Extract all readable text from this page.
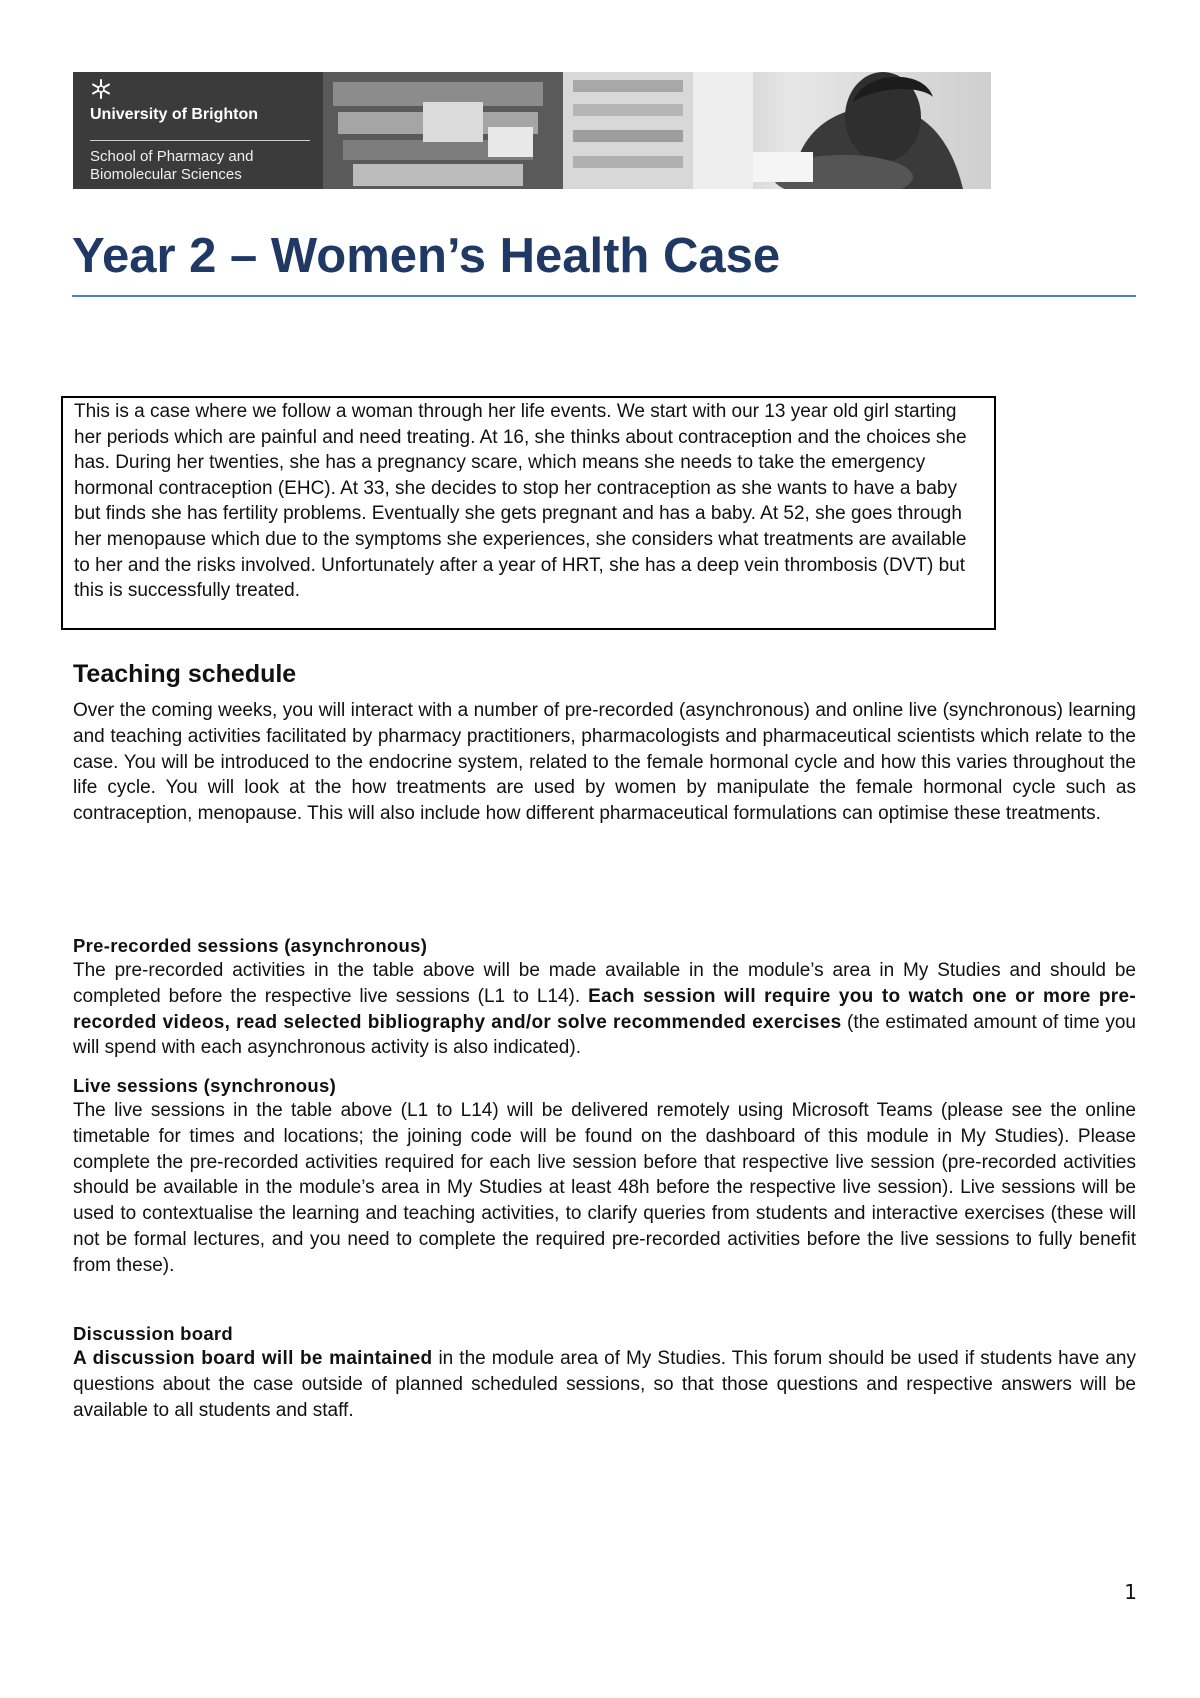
University of Brighton
School of Pharmacy and Biomolecular Sciences
Year 2 – Women’s Health Case
This is a case where we follow a woman through her life events. We start with our 13 year old girl starting her periods which are painful and need treating. At 16, she thinks about contraception and the choices she has. During her twenties, she has a pregnancy scare, which means she needs to take the emergency hormonal contraception (EHC). At 33, she decides to stop her contraception as she wants to have a baby but finds she has fertility problems. Eventually she gets pregnant and has a baby. At 52, she goes through her menopause which due to the symptoms she experiences, she considers what treatments are available to her and the risks involved. Unfortunately after a year of HRT, she has a deep vein thrombosis (DVT) but this is successfully treated.
Teaching schedule

Over the coming weeks, you will interact with a number of pre-recorded (asynchronous) and online live (synchronous) learning and teaching activities facilitated by pharmacy practitioners, pharmacologists and pharmaceutical scientists which relate to the case. You will be introduced to the endocrine system, related to the female hormonal cycle and how this varies throughout the life cycle. You will look at the how treatments are used by women by manipulate the female hormonal cycle such as contraception, menopause. This will also include how different pharmaceutical formulations can optimise these treatments.

Pre-recorded sessions (asynchronous)

The pre-recorded activities in the table above will be made available in the module’s area in My Studies and should be completed before the respective live sessions (L1 to L14). Each session will require you to watch one or more pre-recorded videos, read selected bibliography and/or solve recommended exercises (the estimated amount of time you will spend with each asynchronous activity is also indicated).

Live sessions (synchronous)

The live sessions in the table above (L1 to L14) will be delivered remotely using Microsoft Teams (please see the online timetable for times and locations; the joining code will be found on the dashboard of this module in My Studies). Please complete the pre-recorded activities required for each live session before that respective live session (pre-recorded activities should be available in the module’s area in My Studies at least 48h before the respective live session). Live sessions will be used to contextualise the learning and teaching activities, to clarify queries from students and interactive exercises (these will not be formal lectures, and you need to complete the required pre-recorded activities before the live sessions to fully benefit from these).

Discussion board

A discussion board will be maintained in the module area of My Studies. This forum should be used if students have any questions about the case outside of planned scheduled sessions, so that those questions and respective answers will be available to all students and staff.

1
